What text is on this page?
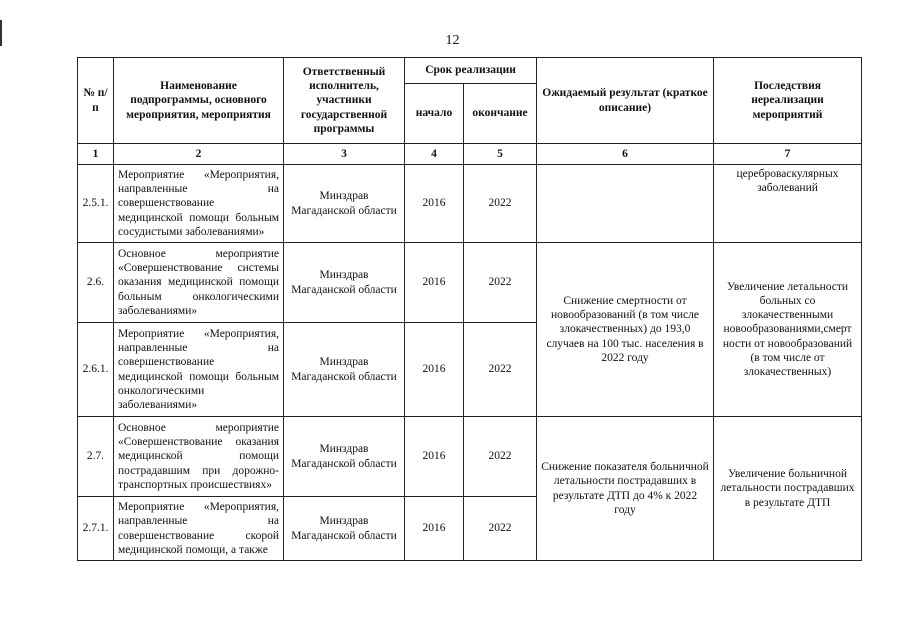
12
№ п/п	Наименование подпрограммы, основного мероприятия, мероприятия	Ответственный исполнитель, участники государственной программы	Срок реализации		Ожидаемый результат (краткое описание)	Последствия нереализации мероприятий
			начало	окончание		
1	2	3	4	5	6	7
2.5.1.	Мероприятие «Мероприятия, направленные на совершенствование медицинской помощи больным сосудистыми заболеваниями»	Минздрав Магаданской области	2016	2022		цереброваскулярных заболеваний
2.6.	Основное мероприятие «Совершенствование системы оказания медицинской помощи больным онкологическими заболеваниями»	Минздрав Магаданской области	2016	2022	Снижение смертности от новообразований (в том числе злокачественных) до 193,0 случаев на 100 тыс. населения в 2022 году	Увеличение летальности больных со злокачественными новообразованиями,смерт ности от новообразований (в том числе от злокачественных)
2.6.1.	Мероприятие «Мероприятия, направленные на совершенствование медицинской помощи больным онкологическими заболеваниями»	Минздрав Магаданской области	2016	2022		
2.7.	Основное мероприятие «Совершенствование оказания медицинской помощи пострадавшим при дорожно-транспортных происшествиях»	Минздрав Магаданской области	2016	2022	Снижение показателя больничной летальности пострадавших в результате ДТП до 4% к 2022 году	Увеличение больничной летальности пострадавших в результате ДТП
2.7.1.	Мероприятие «Мероприятия, направленные на совершенствование скорой медицинской помощи, а также	Минздрав Магаданской области	2016	2022		
